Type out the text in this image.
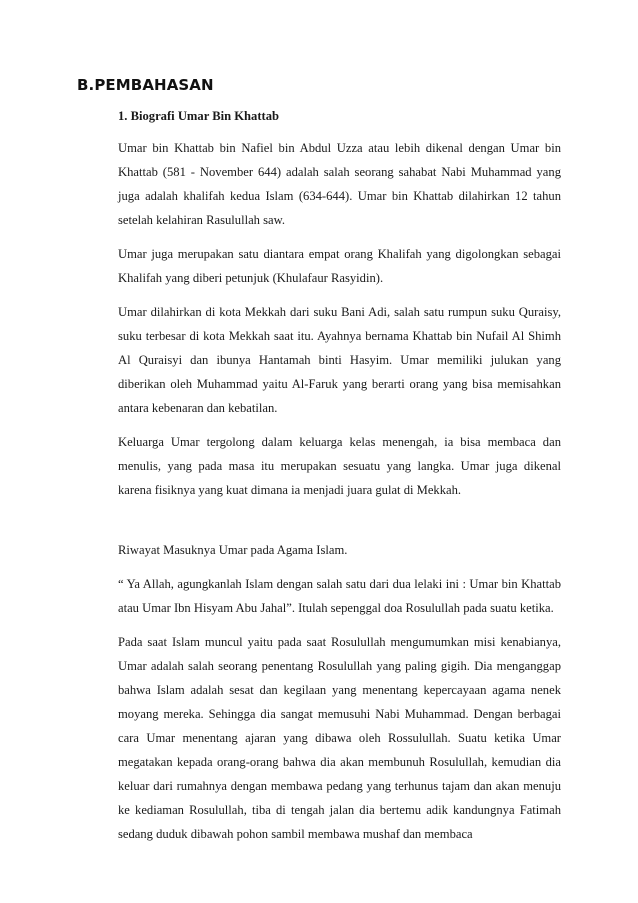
B.PEMBAHASAN

1. Biografi Umar Bin Khattab

Umar bin Khattab bin Nafiel bin Abdul Uzza atau lebih dikenal dengan Umar bin Khattab (581 - November 644) adalah salah seorang sahabat Nabi Muhammad yang juga adalah khalifah kedua Islam (634-644). Umar bin Khattab dilahirkan 12 tahun setelah kelahiran Rasulullah saw.

Umar juga merupakan satu diantara empat orang Khalifah yang digolongkan sebagai Khalifah yang diberi petunjuk (Khulafaur Rasyidin).

Umar dilahirkan di kota Mekkah dari suku Bani Adi, salah satu rumpun suku Quraisy, suku terbesar di kota Mekkah saat itu. Ayahnya bernama Khattab bin Nufail Al Shimh Al Quraisyi dan ibunya Hantamah binti Hasyim. Umar memiliki julukan yang diberikan oleh Muhammad yaitu Al-Faruk yang berarti orang yang bisa memisahkan antara kebenaran dan kebatilan.

Keluarga Umar tergolong dalam keluarga kelas menengah, ia bisa membaca dan menulis, yang pada masa itu merupakan sesuatu yang langka. Umar juga dikenal karena fisiknya yang kuat dimana ia menjadi juara gulat di Mekkah.

Riwayat Masuknya Umar pada Agama Islam.

“ Ya Allah, agungkanlah Islam dengan salah satu dari dua lelaki ini : Umar bin Khattab atau Umar Ibn Hisyam Abu Jahal”. Itulah sepenggal doa Rosulullah pada suatu ketika.

Pada saat Islam muncul yaitu pada saat Rosulullah mengumumkan misi kenabianya, Umar adalah salah seorang penentang Rosulullah yang paling gigih. Dia menganggap bahwa Islam adalah sesat dan kegilaan yang menentang kepercayaan agama nenek moyang mereka. Sehingga dia sangat memusuhi Nabi Muhammad. Dengan berbagai cara Umar menentang ajaran yang dibawa oleh Rossulullah. Suatu ketika Umar megatakan kepada orang-orang bahwa dia akan membunuh Rosulullah, kemudian dia keluar dari rumahnya dengan membawa pedang yang terhunus tajam dan akan menuju ke kediaman Rosulullah, tiba di tengah jalan dia bertemu adik kandungnya Fatimah sedang duduk dibawah pohon sambil membawa mushaf dan membaca
